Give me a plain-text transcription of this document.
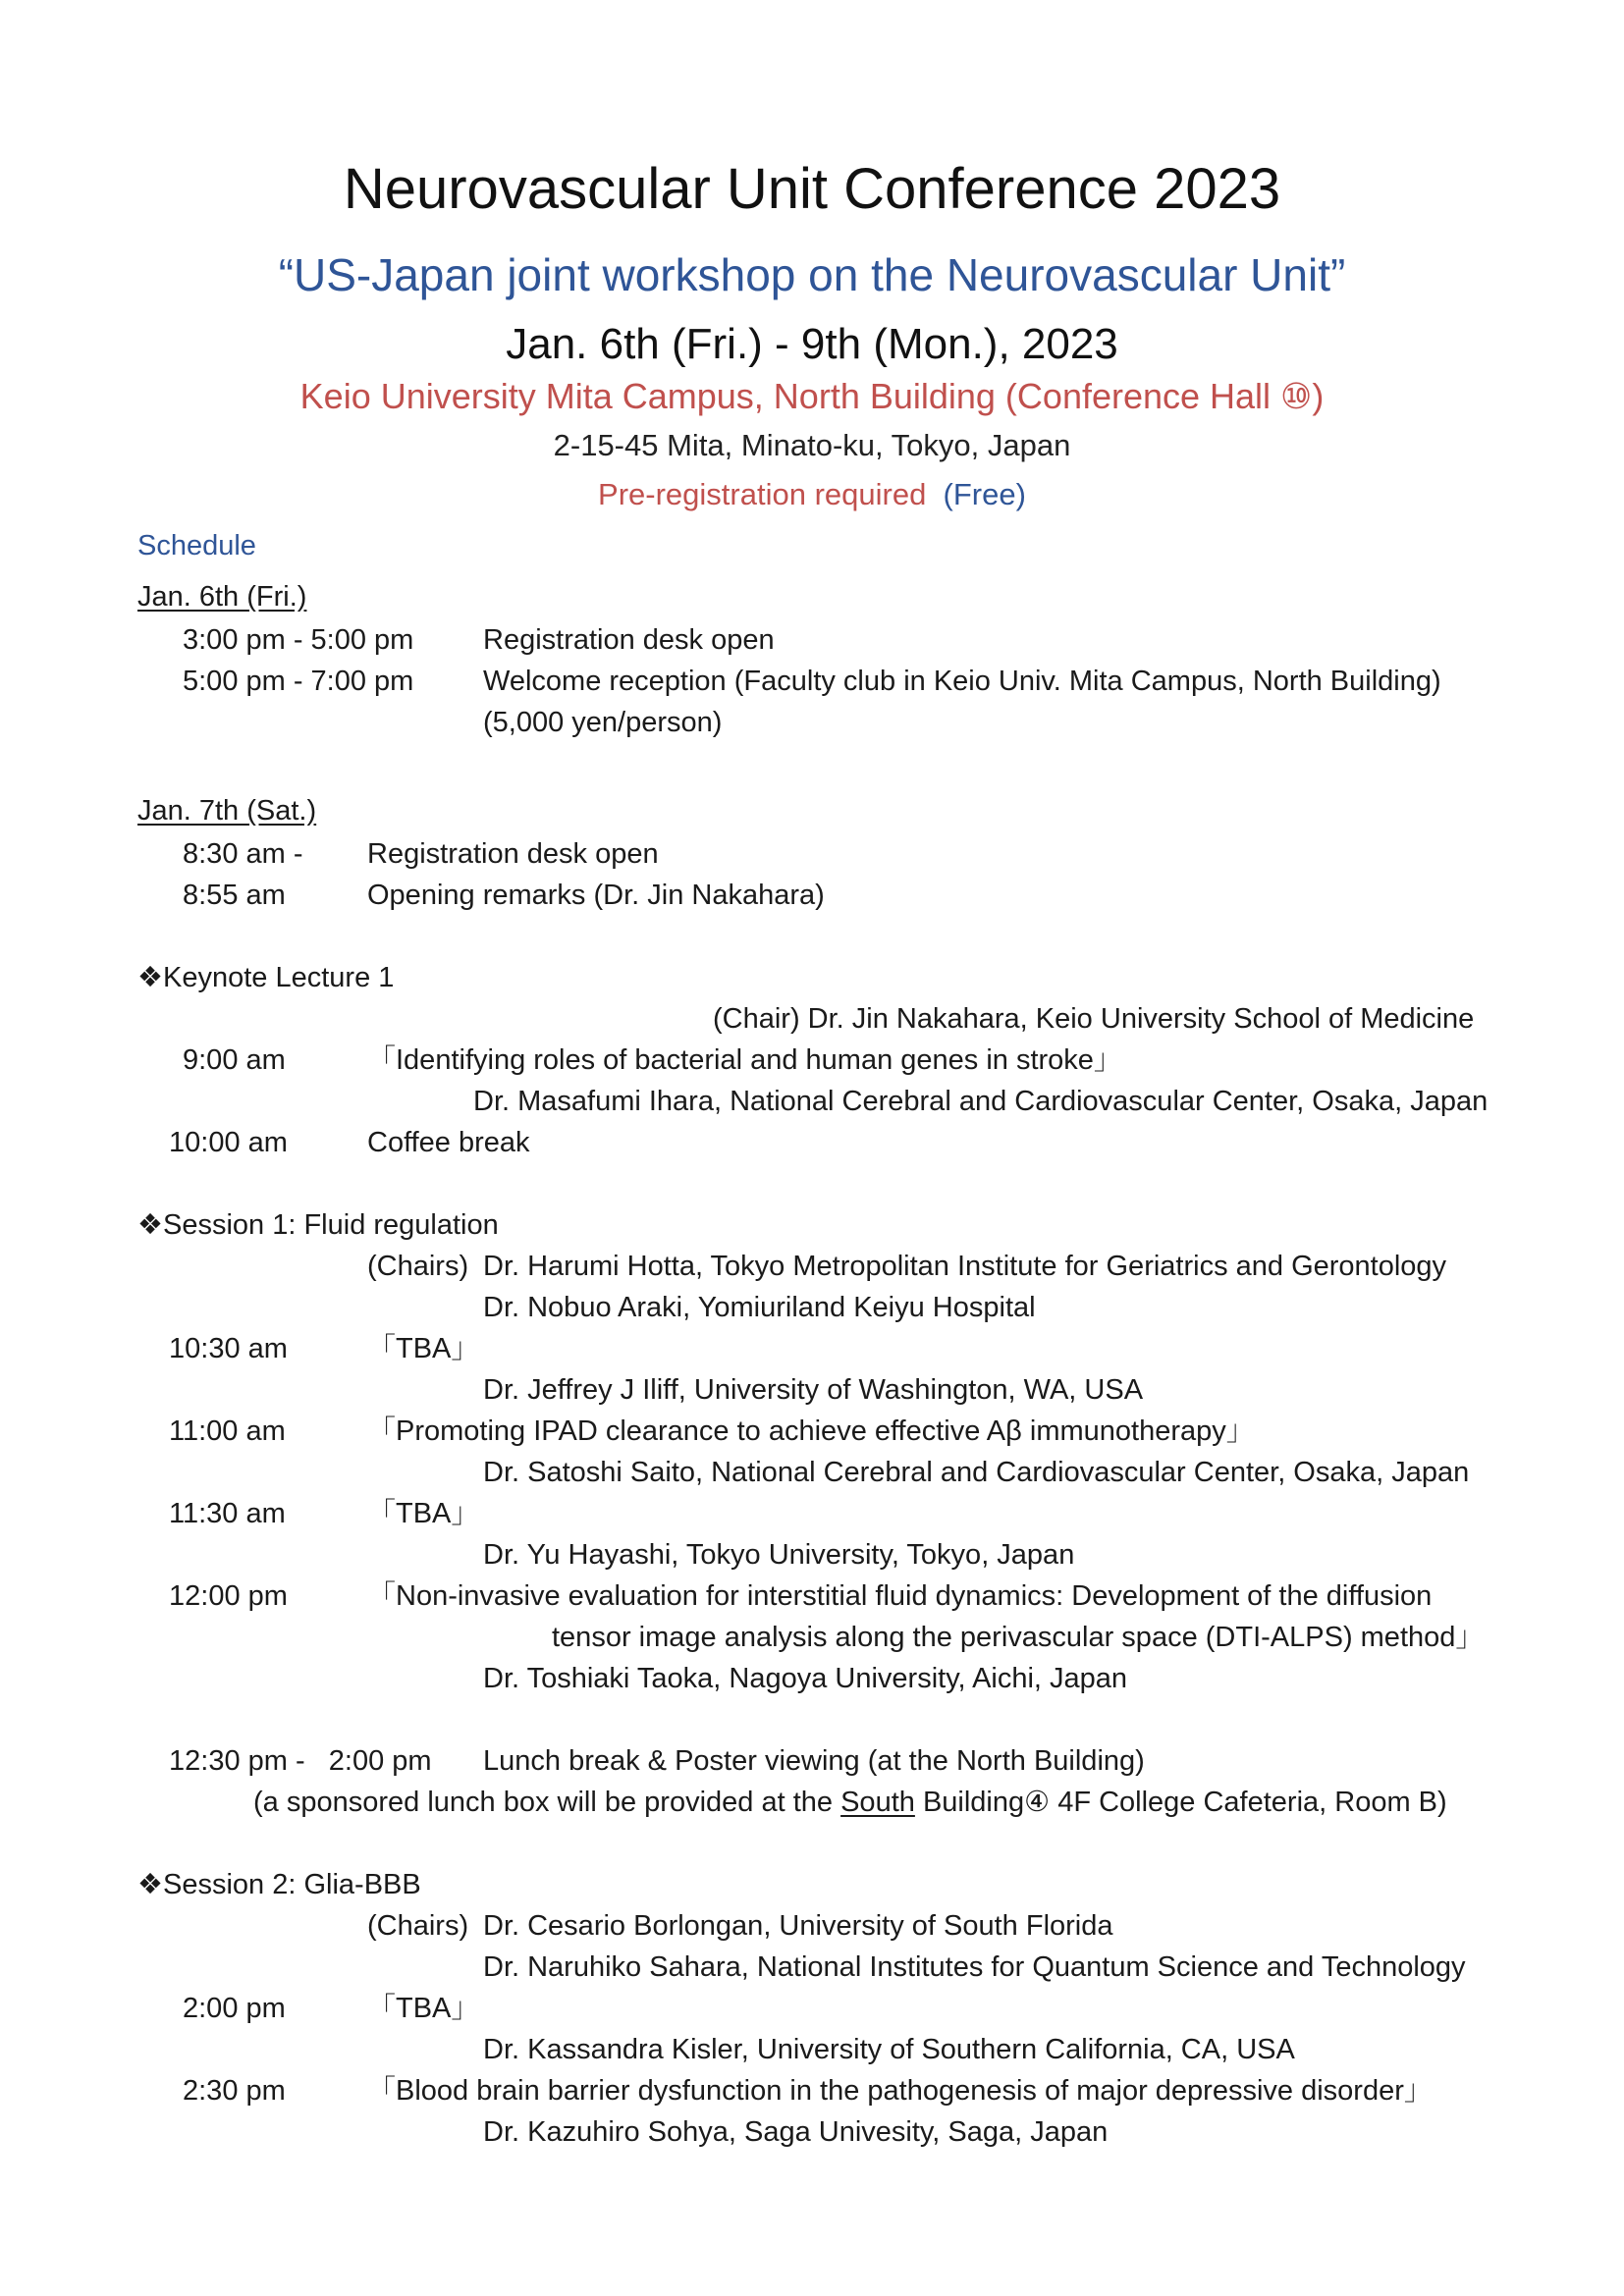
Neurovascular Unit Conference 2023
“US-Japan joint workshop on the Neurovascular Unit”
Jan. 6th (Fri.) - 9th (Mon.), 2023
Keio University Mita Campus, North Building (Conference Hall ⑩)
2-15-45 Mita, Minato-ku, Tokyo, Japan
Pre-registration required (Free)
Schedule
Jan. 6th (Fri.)
3:00 pm - 5:00 pm Registration desk open
5:00 pm - 7:00 pm Welcome reception (Faculty club in Keio Univ. Mita Campus, North Building)
(5,000 yen/person)
Jan. 7th (Sat.)
8:30 am - Registration desk open
8:55 am	Opening remarks (Dr. Jin Nakahara)
❖Keynote Lecture 1
(Chair) Dr. Jin Nakahara, Keio University School of Medicine
9:00 am	「Identifying roles of bacterial and human genes in stroke」
Dr. Masafumi Ihara, National Cerebral and Cardiovascular Center, Osaka, Japan
10:00 am	Coffee break
❖Session 1: Fluid regulation
(Chairs) Dr. Harumi Hotta, Tokyo Metropolitan Institute for Geriatrics and Gerontology
Dr. Nobuo Araki, Yomiuriland Keiyu Hospital
10:30 am	「TBA」
Dr. Jeffrey J Iliff, University of Washington, WA, USA
11:00 am	「Promoting IPAD clearance to achieve effective Aβ immunotherapy」
Dr. Satoshi Saito, National Cerebral and Cardiovascular Center, Osaka, Japan
11:30 am	「TBA」
Dr. Yu Hayashi, Tokyo University, Tokyo, Japan
12:00 pm	「Non-invasive evaluation for interstitial fluid dynamics: Development of the diffusion
tensor image analysis along the perivascular space (DTI-ALPS) method」
Dr. Toshiaki Taoka, Nagoya University, Aichi, Japan
12:30 pm -   2:00 pm Lunch break & Poster viewing (at the North Building)
(a sponsored lunch box will be provided at the South Building④ 4F College Cafeteria, Room B)
❖Session 2: Glia-BBB
(Chairs) Dr. Cesario Borlongan, University of South Florida
Dr. Naruhiko Sahara, National Institutes for Quantum Science and Technology
2:00 pm	「TBA」
Dr. Kassandra Kisler, University of Southern California, CA, USA
2:30 pm	「Blood brain barrier dysfunction in the pathogenesis of major depressive disorder」
Dr. Kazuhiro Sohya, Saga Univesity, Saga, Japan
